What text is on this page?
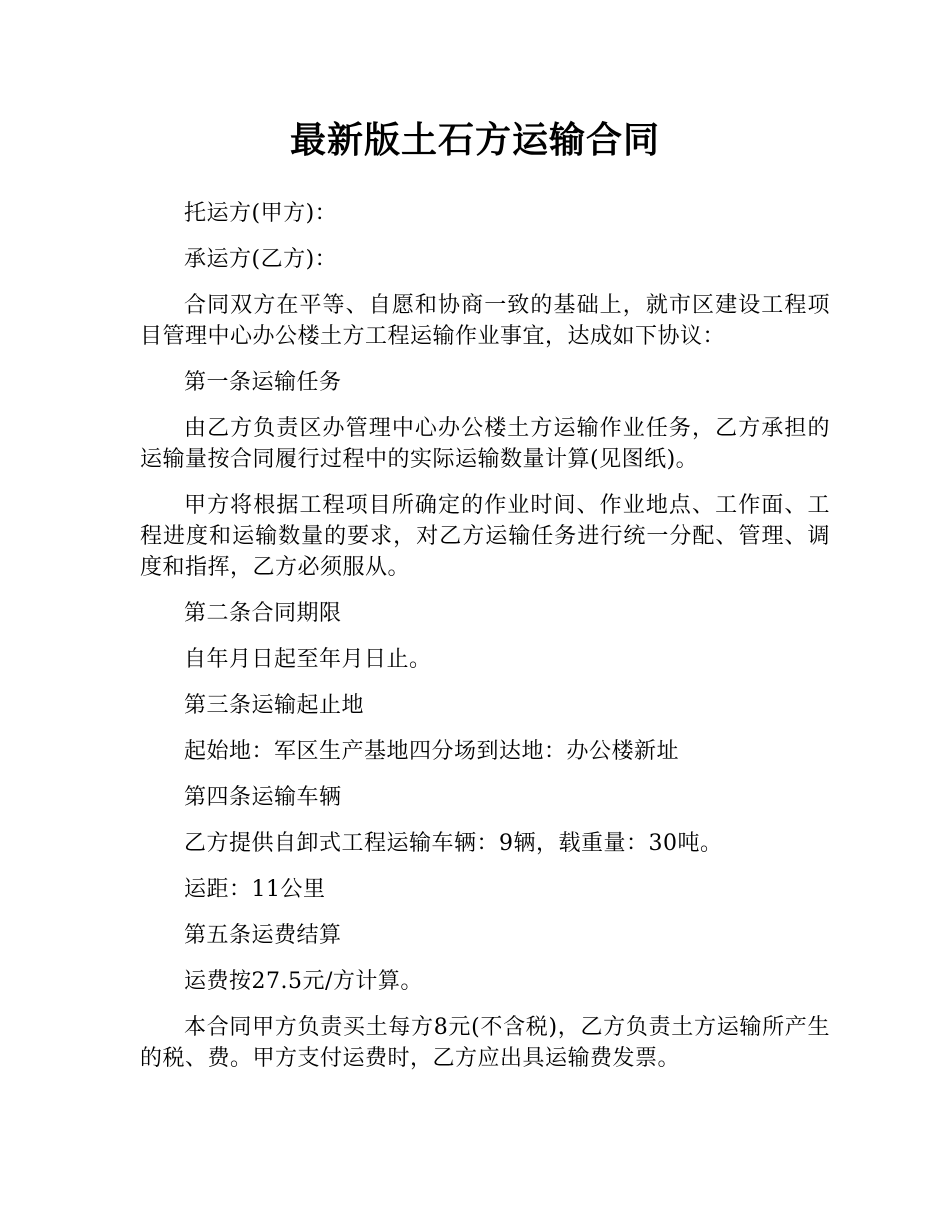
最新版土石方运输合同

托运方(甲方)：

承运方(乙方)：

合同双方在平等、自愿和协商一致的基础上，就市区建设工程项目管理中心办公楼土方工程运输作业事宜，达成如下协议：

第一条运输任务

由乙方负责区办管理中心办公楼土方运输作业任务，乙方承担的运输量按合同履行过程中的实际运输数量计算(见图纸)。

甲方将根据工程项目所确定的作业时间、作业地点、工作面、工程进度和运输数量的要求，对乙方运输任务进行统一分配、管理、调度和指挥，乙方必须服从。

第二条合同期限

自年月日起至年月日止。

第三条运输起止地

起始地：军区生产基地四分场到达地：办公楼新址

第四条运输车辆

乙方提供自卸式工程运输车辆：9辆，载重量：30吨。

运距：11公里

第五条运费结算

运费按27.5元/方计算。

本合同甲方负责买土每方8元(不含税)，乙方负责土方运输所产生的税、费。甲方支付运费时，乙方应出具运输费发票。
